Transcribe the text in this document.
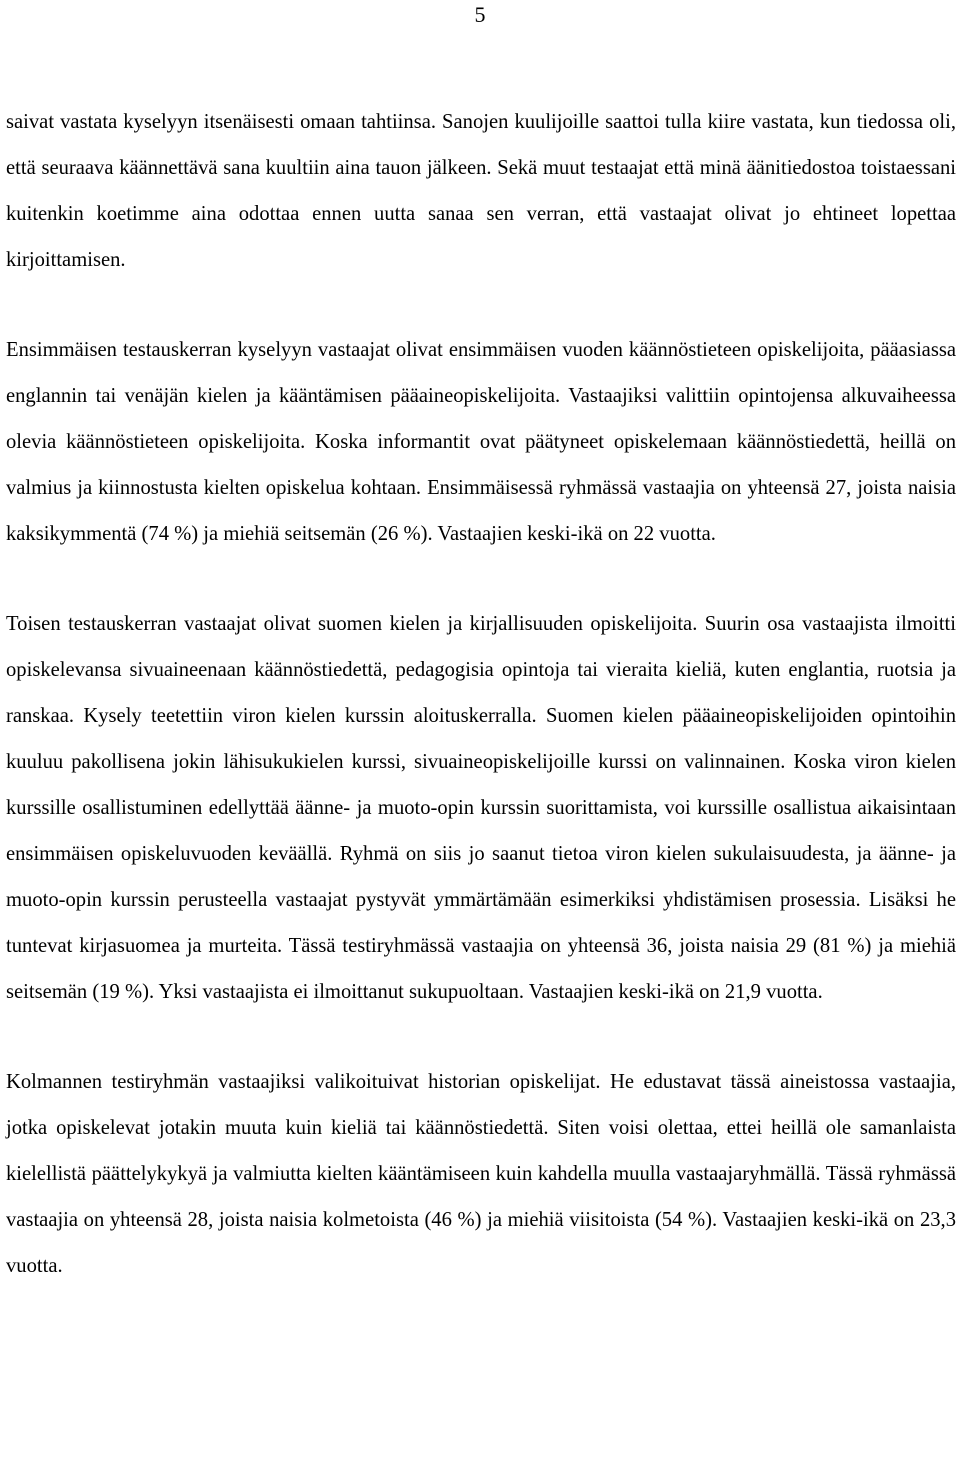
5

saivat vastata kyselyyn itsenäisesti omaan tahtiinsa. Sanojen kuulijoille saattoi tulla kiire vastata, kun tiedossa oli, että seuraava käännettävä sana kuultiin aina tauon jälkeen. Sekä muut testaajat että minä äänitiedostoa toistaessani kuitenkin koetimme aina odottaa ennen uutta sanaa sen verran, että vastaajat olivat jo ehtineet lopettaa kirjoittamisen.

Ensimmäisen testauskerran kyselyyn vastaajat olivat ensimmäisen vuoden käännöstieteen opiskelijoita, pääasiassa englannin tai venäjän kielen ja kääntämisen pääaineopiskelijoita. Vastaajiksi valittiin opintojensa alkuvaiheessa olevia käännöstieteen opiskelijoita. Koska informantit ovat päätyneet opiskelemaan käännöstiedettä, heillä on valmius ja kiinnostusta kielten opiskelua kohtaan. Ensimmäisessä ryhmässä vastaajia on yhteensä 27, joista naisia kaksikymmentä (74 %) ja miehiä seitsemän (26 %). Vastaajien keski-ikä on 22 vuotta.

Toisen testauskerran vastaajat olivat suomen kielen ja kirjallisuuden opiskelijoita. Suurin osa vastaajista ilmoitti opiskelevansa sivuaineenaan käännöstiedettä, pedagogisia opintoja tai vieraita kieliä, kuten englantia, ruotsia ja ranskaa. Kysely teetettiin viron kielen kurssin aloituskerralla. Suomen kielen pääaineopiskelijoiden opintoihin kuuluu pakollisena jokin lähisukukielen kurssi, sivuaineopiskelijoille kurssi on valinnainen. Koska viron kielen kurssille osallistuminen edellyttää äänne- ja muoto-opin kurssin suorittamista, voi kurssille osallistua aikaisintaan ensimmäisen opiskeluvuoden keväällä. Ryhmä on siis jo saanut tietoa viron kielen sukulaisuudesta, ja äänne- ja muoto-opin kurssin perusteella vastaajat pystyvät ymmärtämään esimerkiksi yhdistämisen prosessia. Lisäksi he tuntevat kirjasuomea ja murteita. Tässä testiryhmässä vastaajia on yhteensä 36, joista naisia 29 (81 %) ja miehiä seitsemän (19 %). Yksi vastaajista ei ilmoittanut sukupuoltaan. Vastaajien keski-ikä on 21,9 vuotta.

Kolmannen testiryhmän vastaajiksi valikoituivat historian opiskelijat. He edustavat tässä aineistossa vastaajia, jotka opiskelevat jotakin muuta kuin kieliä tai käännöstiedettä. Siten voisi olettaa, ettei heillä ole samanlaista kielellistä päättelykykyä ja valmiutta kielten kääntämiseen kuin kahdella muulla vastaajaryhmällä. Tässä ryhmässä vastaajia on yhteensä 28, joista naisia kolmetoista (46 %) ja miehiä viisitoista (54 %). Vastaajien keski-ikä on 23,3 vuotta.
